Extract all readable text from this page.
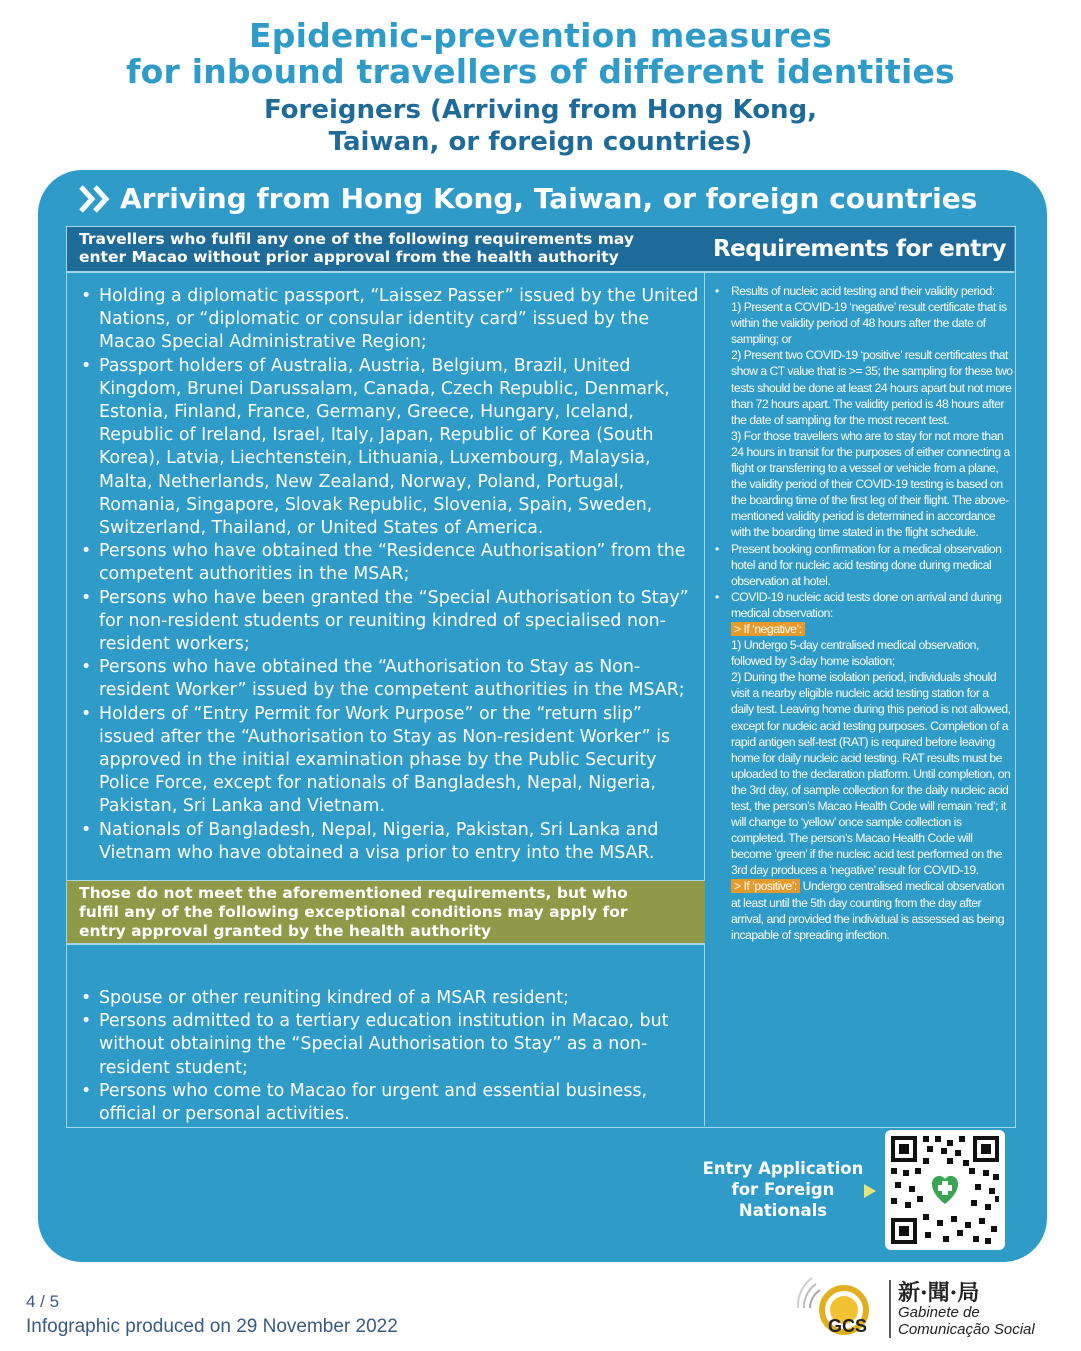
Epidemic-prevention measures
for inbound travellers of different identities
Foreigners (Arriving from Hong Kong,
Taiwan, or foreign countries)
Arriving from Hong Kong, Taiwan, or foreign countries
Travellers who fulfil any one of the following requirements may
enter Macao without prior approval from the health authority
• Holding a diplomatic passport, “Laissez Passer” issued by the United Nations, or “diplomatic or consular identity card” issued by the Macao Special Administrative Region;
• Passport holders of Australia, Austria, Belgium, Brazil, United Kingdom, Brunei Darussalam, Canada, Czech Republic, Denmark, Estonia, Finland, France, Germany, Greece, Hungary, Iceland, Republic of Ireland, Israel, Italy, Japan, Republic of Korea (South Korea), Latvia, Liechtenstein, Lithuania, Luxembourg, Malaysia, Malta, Netherlands, New Zealand, Norway, Poland, Portugal, Romania, Singapore, Slovak Republic, Slovenia, Spain, Sweden, Switzerland, Thailand, or United States of America.
• Persons who have obtained the “Residence Authorisation” from the competent authorities in the MSAR;
• Persons who have been granted the “Special Authorisation to Stay” for non-resident students or reuniting kindred of specialised non-resident workers;
• Persons who have obtained the “Authorisation to Stay as Non-resident Worker” issued by the competent authorities in the MSAR;
• Holders of “Entry Permit for Work Purpose” or the “return slip” issued after the “Authorisation to Stay as Non-resident Worker” is approved in the initial examination phase by the Public Security Police Force, except for nationals of Bangladesh, Nepal, Nigeria, Pakistan, Sri Lanka and Vietnam.
• Nationals of Bangladesh, Nepal, Nigeria, Pakistan, Sri Lanka and Vietnam who have obtained a visa prior to entry into the MSAR.
Those do not meet the aforementioned requirements, but who
fulfil any of the following exceptional conditions may apply for
entry approval granted by the health authority
• Spouse or other reuniting kindred of a MSAR resident;
• Persons admitted to a tertiary education institution in Macao, but without obtaining the “Special Authorisation to Stay” as a non-resident student;
• Persons who come to Macao for urgent and essential business, official or personal activities.
Requirements for entry

• Results of nucleic acid testing and their validity period:

1) Present a COVID-19 ‘negative’ result certificate that is within the validity period of 48 hours after the date of sampling; or

2) Present two COVID-19 ‘positive’ result certificates that show a CT value that is >= 35; the sampling for these two tests should be done at least 24 hours apart but not more than 72 hours apart. The validity period is 48 hours after the date of sampling for the most recent test.

3) For those travellers who are to stay for not more than 24 hours in transit for the purposes of either connecting a flight or transferring to a vessel or vehicle from a plane, the validity period of their COVID-19 testing is based on the boarding time of the first leg of their flight. The above-mentioned validity period is determined in accordance with the boarding time stated in the flight schedule.

• Present booking confirmation for a medical observation hotel and for nucleic acid testing done during medical observation at hotel.

• COVID-19 nucleic acid tests done on arrival and during medical observation:

> If ‘negative’:

1) Undergo 5-day centralised medical observation, followed by 3-day home isolation;

2) During the home isolation period, individuals should visit a nearby eligible nucleic acid testing station for a daily test. Leaving home during this period is not allowed, except for nucleic acid testing purposes. Completion of a rapid antigen self-test (RAT) is required before leaving home for daily nucleic acid testing. RAT results must be uploaded to the declaration platform. Until completion, on the 3rd day, of sample collection for the daily nucleic acid test, the person’s Macao Health Code will remain ‘red’; it will change to ‘yellow’ once sample collection is completed. The person’s Macao Health Code will become ‘green’ if the nucleic acid test performed on the 3rd day produces a ‘negative’ result for COVID-19.

> If ‘positive’: Undergo centralised medical observation at least until the 5th day counting from the day after arrival, and provided the individual is assessed as being incapable of spreading infection.

Entry Application
for Foreign
Nationals
4 / 5
Infographic produced on 29 November 2022	GCS
新·聞·局
Gabinete de
Comunicação Social
